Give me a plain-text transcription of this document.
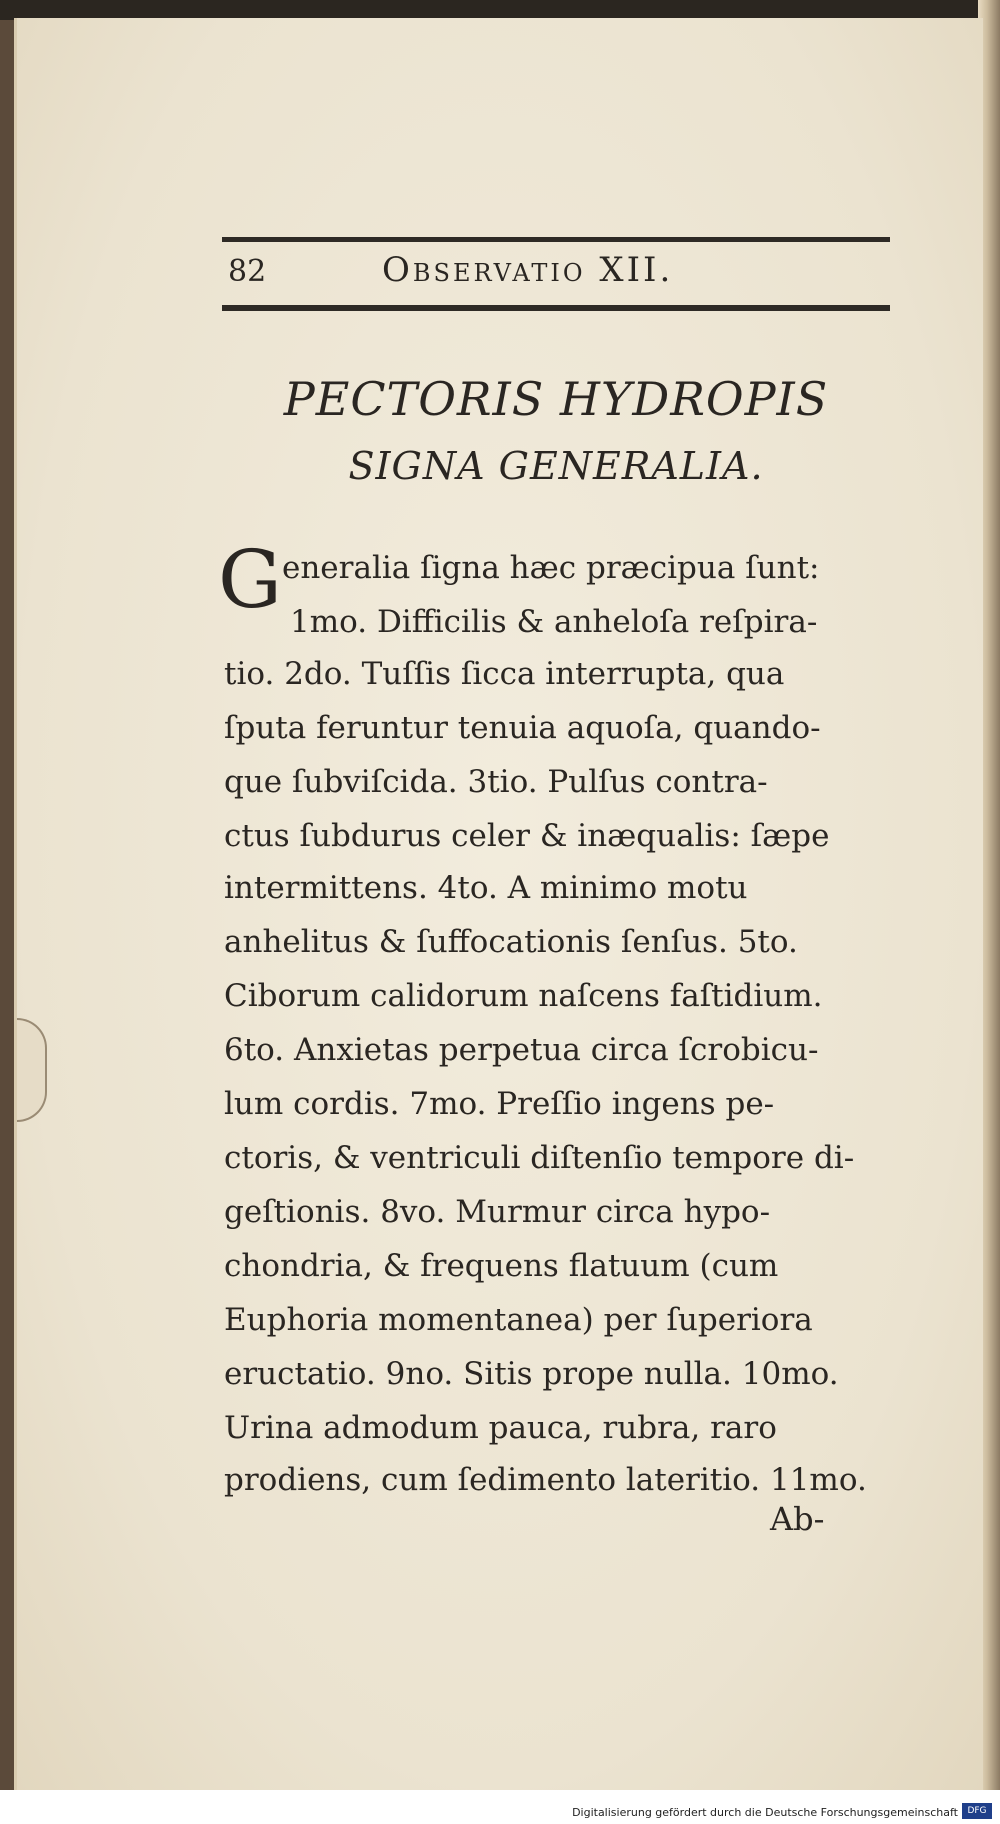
82	Observatio XII.
PECTORIS HYDROPIS
SIGNA GENERALIA.
G eneralia ſigna hæc præcipua ſunt:
1mo. Difficilis & anheloſa reſpira-
tio. 2do. Tuſſis ſicca interrupta, qua
ſputa feruntur tenuia aquoſa, quando-
que ſubviſcida. 3tio. Pulſus contra-
ctus ſubdurus celer & inæqualis: ſæpe
intermittens. 4to. A minimo motu
anhelitus & ſuffocationis ſenſus. 5to.
Ciborum calidorum naſcens faſtidium.
6to. Anxietas perpetua circa ſcrobicu-
lum cordis. 7mo. Preſſio ingens pe-
ctoris, & ventriculi diſtenſio tempore di-
geſtionis. 8vo. Murmur circa hypo-
chondria, & frequens flatuum (cum
Euphoria momentanea) per ſuperiora
eructatio. 9no. Sitis prope nulla. 10mo.
Urina admodum pauca, rubra, raro
prodiens, cum ſedimento lateritio. 11mo.
Ab-
Digitalisierung gefördert durch die Deutsche Forschungsgemeinschaft	DFG
